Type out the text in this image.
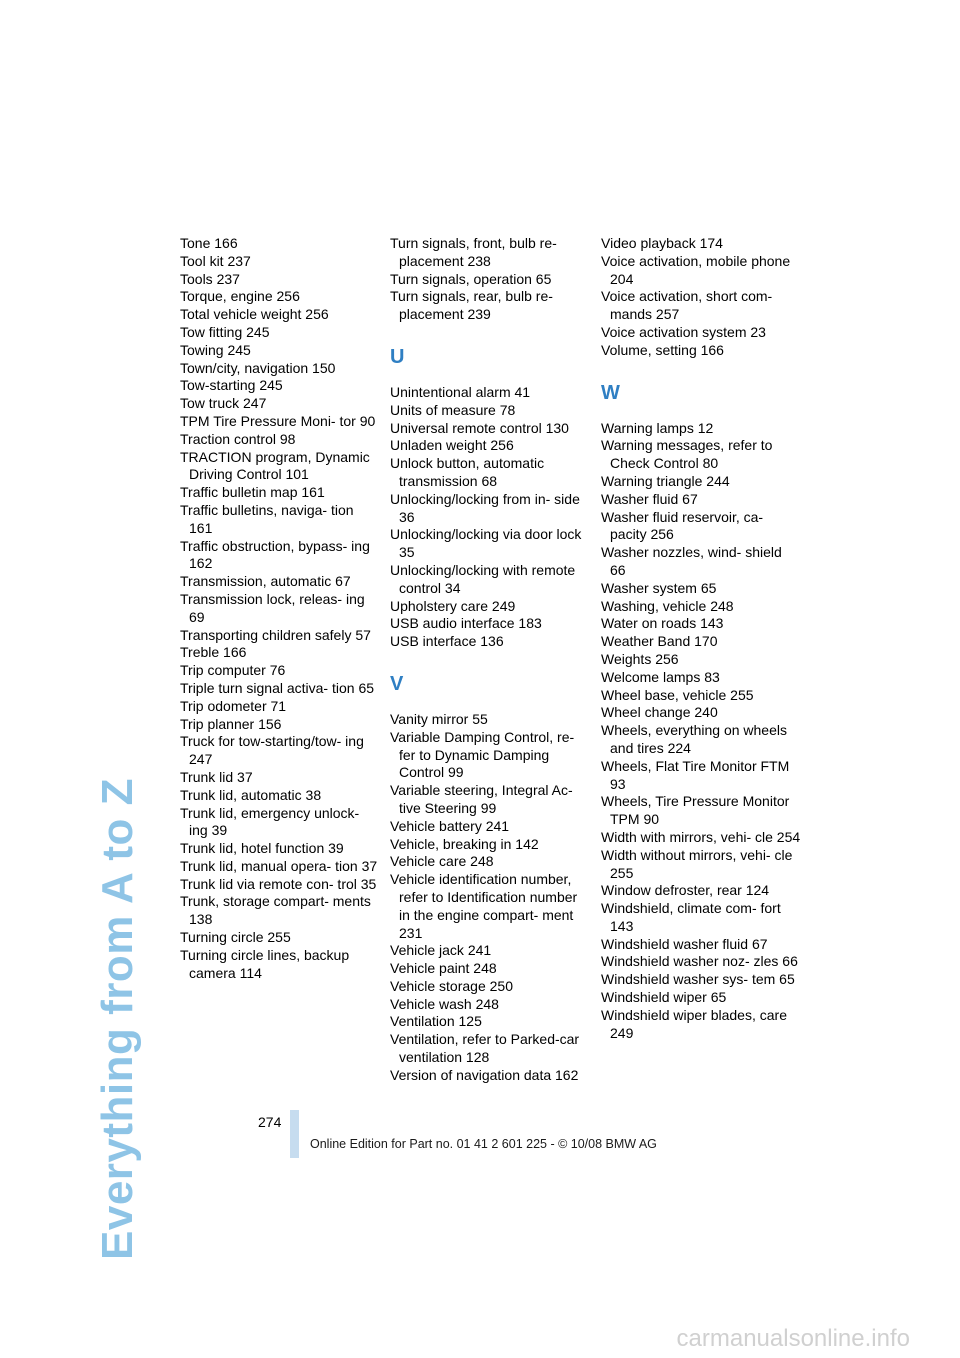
Everything from A to Z
Tone 166
Tool kit 237
Tools 237
Torque, engine 256
Total vehicle weight 256
Tow fitting 245
Towing 245
Town/city, navigation 150
Tow-starting 245
Tow truck 247
TPM Tire Pressure Moni- tor 90
Traction control 98
TRACTION program, Dynamic Driving Control 101
Traffic bulletin map 161
Traffic bulletins, naviga- tion 161
Traffic obstruction, bypass- ing 162
Transmission, automatic 67
Transmission lock, releas- ing 69
Transporting children safely 57
Treble 166
Trip computer 76
Triple turn signal activa- tion 65
Trip odometer 71
Trip planner 156
Truck for tow-starting/tow- ing 247
Trunk lid 37
Trunk lid, automatic 38
Trunk lid, emergency unlock- ing 39
Trunk lid, hotel function 39
Trunk lid, manual opera- tion 37
Trunk lid via remote con- trol 35
Trunk, storage compart- ments 138
Turning circle 255
Turning circle lines, backup camera 114
Turn signals, front, bulb re- placement 238
Turn signals, operation 65
Turn signals, rear, bulb re- placement 239
U
Unintentional alarm 41
Units of measure 78
Universal remote control 130
Unladen weight 256
Unlock button, automatic transmission 68
Unlocking/locking from in- side 36
Unlocking/locking via door lock 35
Unlocking/locking with remote control 34
Upholstery care 249
USB audio interface 183
USB interface 136
V
Vanity mirror 55
Variable Damping Control, re- fer to Dynamic Damping Control 99
Variable steering, Integral Ac- tive Steering 99
Vehicle battery 241
Vehicle, breaking in 142
Vehicle care 248
Vehicle identification number, refer to Identification number in the engine compart- ment 231
Vehicle jack 241
Vehicle paint 248
Vehicle storage 250
Vehicle wash 248
Ventilation 125
Ventilation, refer to Parked-car ventilation 128
Version of navigation data 162
Video playback 174
Voice activation, mobile phone 204
Voice activation, short com- mands 257
Voice activation system 23
Volume, setting 166
W
Warning lamps 12
Warning messages, refer to Check Control 80
Warning triangle 244
Washer fluid 67
Washer fluid reservoir, ca- pacity 256
Washer nozzles, wind- shield 66
Washer system 65
Washing, vehicle 248
Water on roads 143
Weather Band 170
Weights 256
Welcome lamps 83
Wheel base, vehicle 255
Wheel change 240
Wheels, everything on wheels and tires 224
Wheels, Flat Tire Monitor FTM 93
Wheels, Tire Pressure Monitor TPM 90
Width with mirrors, vehi- cle 254
Width without mirrors, vehi- cle 255
Window defroster, rear 124
Windshield, climate com- fort 143
Windshield washer fluid 67
Windshield washer noz- zles 66
Windshield washer sys- tem 65
Windshield wiper 65
Windshield wiper blades, care 249
274
Online Edition for Part no. 01 41 2 601 225 - © 10/08 BMW AG
carmanualsonline.info
